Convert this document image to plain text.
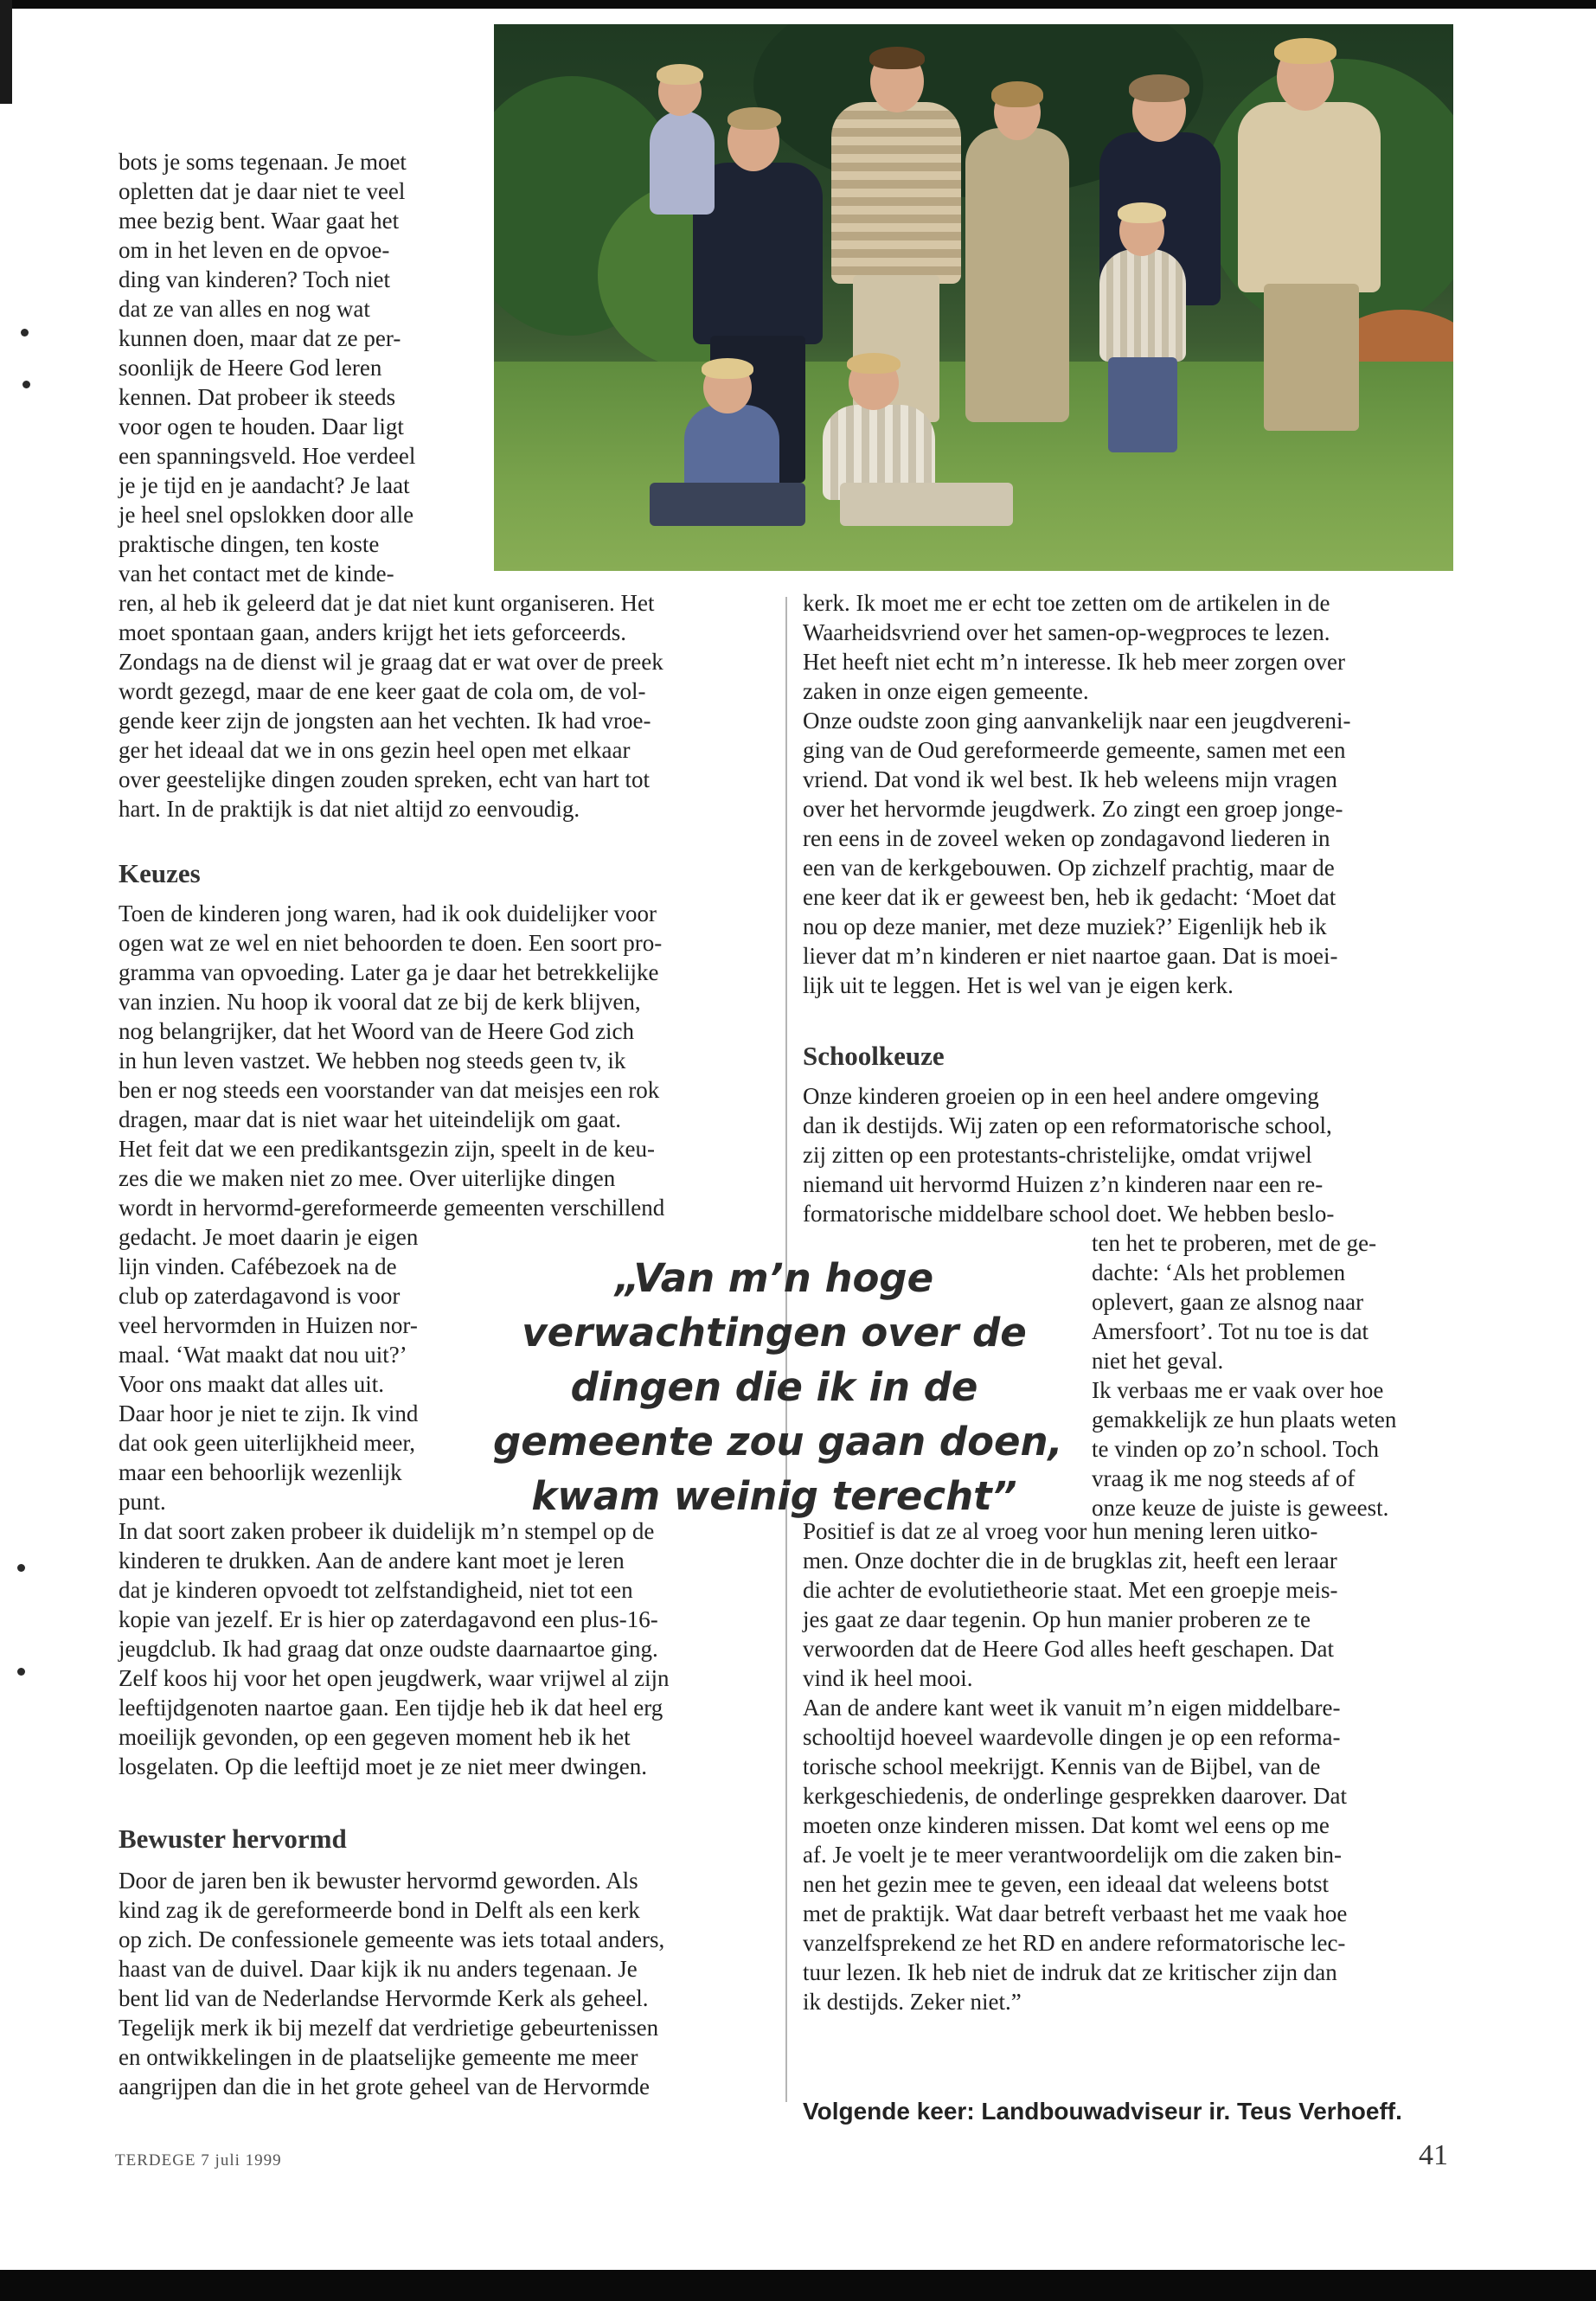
bots je soms tegenaan. Je moet
opletten dat je daar niet te veel
mee bezig bent. Waar gaat het
om in het leven en de opvoe-
ding van kinderen? Toch niet
dat ze van alles en nog wat
kunnen doen, maar dat ze per-
soonlijk de Heere God leren
kennen. Dat probeer ik steeds
voor ogen te houden. Daar ligt
een spanningsveld. Hoe verdeel
je je tijd en je aandacht? Je laat
je heel snel opslokken door alle
praktische dingen, ten koste
van het contact met de kinde-

ren, al heb ik geleerd dat je dat niet kunt organiseren. Het
moet spontaan gaan, anders krijgt het iets geforceerds.
Zondags na de dienst wil je graag dat er wat over de preek
wordt gezegd, maar de ene keer gaat de cola om, de vol-
gende keer zijn de jongsten aan het vechten. Ik had vroe-
ger het ideaal dat we in ons gezin heel open met elkaar
over geestelijke dingen zouden spreken, echt van hart tot
hart. In de praktijk is dat niet altijd zo eenvoudig.

Keuzes

Toen de kinderen jong waren, had ik ook duidelijker voor
ogen wat ze wel en niet behoorden te doen. Een soort pro-
gramma van opvoeding. Later ga je daar het betrekkelijke
van inzien. Nu hoop ik vooral dat ze bij de kerk blijven,
nog belangrijker, dat het Woord van de Heere God zich
in hun leven vastzet. We hebben nog steeds geen tv, ik
ben er nog steeds een voorstander van dat meisjes een rok
dragen, maar dat is niet waar het uiteindelijk om gaat.
Het feit dat we een predikantsgezin zijn, speelt in de keu-
zes die we maken niet zo mee. Over uiterlijke dingen
wordt in hervormd-gereformeerde gemeenten verschillend

gedacht. Je moet daarin je eigen
lijn vinden. Cafébezoek na de
club op zaterdagavond is voor
veel hervormden in Huizen nor-
maal. ‘Wat maakt dat nou uit?’
Voor ons maakt dat alles uit.
Daar hoor je niet te zijn. Ik vind
dat ook geen uiterlijkheid meer,
maar een behoorlijk wezenlijk
punt.

In dat soort zaken probeer ik duidelijk m’n stempel op de
kinderen te drukken. Aan de andere kant moet je leren
dat je kinderen opvoedt tot zelfstandigheid, niet tot een
kopie van jezelf. Er is hier op zaterdagavond een plus-16-
jeugdclub. Ik had graag dat onze oudste daarnaartoe ging.
Zelf koos hij voor het open jeugdwerk, waar vrijwel al zijn
leeftijdgenoten naartoe gaan. Een tijdje heb ik dat heel erg
moeilijk gevonden, op een gegeven moment heb ik het
losgelaten. Op die leeftijd moet je ze niet meer dwingen.

Bewuster hervormd

Door de jaren ben ik bewuster hervormd geworden. Als
kind zag ik de gereformeerde bond in Delft als een kerk
op zich. De confessionele gemeente was iets totaal anders,
haast van de duivel. Daar kijk ik nu anders tegenaan. Je
bent lid van de Nederlandse Hervormde Kerk als geheel.
Tegelijk merk ik bij mezelf dat verdrietige gebeurtenissen
en ontwikkelingen in de plaatselijke gemeente me meer
aangrijpen dan die in het grote geheel van de Hervormde

kerk. Ik moet me er echt toe zetten om de artikelen in de
Waarheidsvriend over het samen-op-wegproces te lezen.
Het heeft niet echt m’n interesse. Ik heb meer zorgen over
zaken in onze eigen gemeente.
Onze oudste zoon ging aanvankelijk naar een jeugdvereni-
ging van de Oud gereformeerde gemeente, samen met een
vriend. Dat vond ik wel best. Ik heb weleens mijn vragen
over het hervormde jeugdwerk. Zo zingt een groep jonge-
ren eens in de zoveel weken op zondagavond liederen in
een van de kerkgebouwen. Op zichzelf prachtig, maar de
ene keer dat ik er geweest ben, heb ik gedacht: ‘Moet dat
nou op deze manier, met deze muziek?’ Eigenlijk heb ik
liever dat m’n kinderen er niet naartoe gaan. Dat is moei-
lijk uit te leggen. Het is wel van je eigen kerk.

Schoolkeuze

Onze kinderen groeien op in een heel andere omgeving
dan ik destijds. Wij zaten op een reformatorische school,
zij zitten op een protestants-christelijke, omdat vrijwel
niemand uit hervormd Huizen z’n kinderen naar een re-
formatorische middelbare school doet. We hebben beslo-

ten het te proberen, met de ge-
dachte: ‘Als het problemen
oplevert, gaan ze alsnog naar
Amersfoort’. Tot nu toe is dat
niet het geval.
Ik verbaas me er vaak over hoe
gemakkelijk ze hun plaats weten
te vinden op zo’n school. Toch
vraag ik me nog steeds af of
onze keuze de juiste is geweest.

Positief is dat ze al vroeg voor hun mening leren uitko-
men. Onze dochter die in de brugklas zit, heeft een leraar
die achter de evolutietheorie staat. Met een groepje meis-
jes gaat ze daar tegenin. Op hun manier proberen ze te
verwoorden dat de Heere God alles heeft geschapen. Dat
vind ik heel mooi.
Aan de andere kant weet ik vanuit m’n eigen middelbare-
schooltijd hoeveel waardevolle dingen je op een reforma-
torische school meekrijgt. Kennis van de Bijbel, van de
kerkgeschiedenis, de onderlinge gesprekken daarover. Dat
moeten onze kinderen missen. Dat komt wel eens op me
af. Je voelt je te meer verantwoordelijk om die zaken bin-
nen het gezin mee te geven, een ideaal dat weleens botst
met de praktijk. Wat daar betreft verbaast het me vaak hoe
vanzelfsprekend ze het RD en andere reformatorische lec-
tuur lezen. Ik heb niet de indruk dat ze kritischer zijn dan
ik destijds. Zeker niet.”

Volgende keer: Landbouwadviseur ir. Teus Verhoeff.

„Van m’n hoge
verwachtingen over de
dingen die ik in de
gemeente zou gaan doen,
kwam weinig terecht”

TERDEGE 7 juli 1999	41
